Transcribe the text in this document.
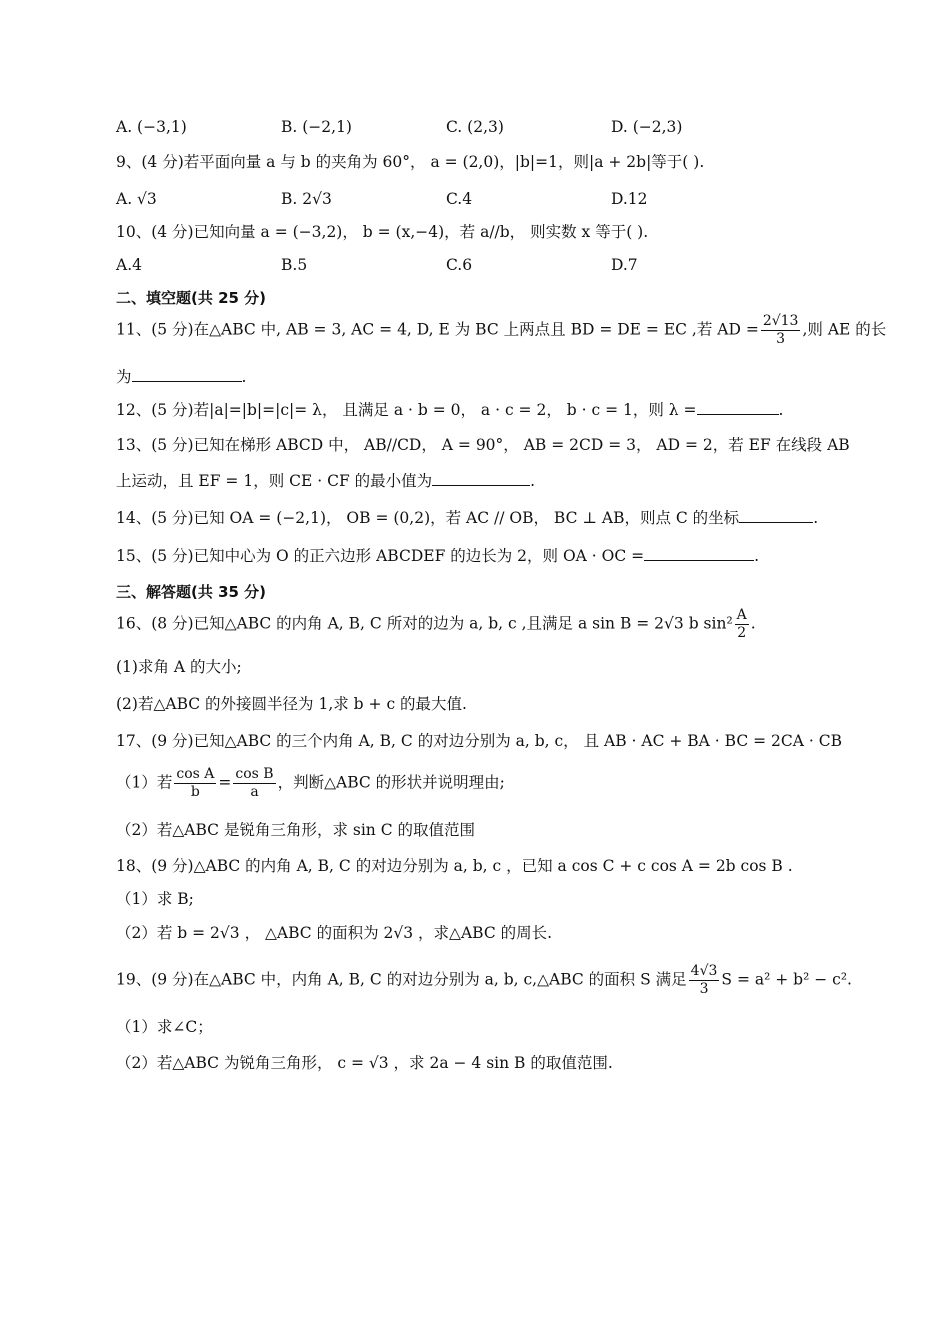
A. (−3,1)	B. (−2,1)	C. (2,3)	D. (−2,3)
9、(4 分)若平面向量 a 与 b 的夹角为 60°， a = (2,0)，|b|=1，则|a + 2b|等于( ).
A. √3	B. 2√3	C.4	D.12
10、(4 分)已知向量 a = (−3,2)， b = (x,−4)，若 a//b， 则实数 x 等于( ).
A.4	B.5	C.6	D.7
二、填空题(共 25 分)
11、(5 分)在△ABC 中, AB = 3, AC = 4, D, E 为 BC 上两点且 BD = DE = EC ,若 AD = $\frac{2√13}{3}$ ,则 AE 的长
为	.
12、(5 分)若|a|=|b|=|c|= λ， 且满足 a · b = 0， a · c = 2， b · c = 1，则 λ =	.
13、(5 分)已知在梯形 ABCD 中， AB//CD， A = 90°， AB = 2CD = 3， AD = 2，若 EF 在线段 AB
上运动，且 EF = 1，则 CE · CF 的最小值为	.
14、(5 分)已知 OA = (−2,1)， OB = (0,2)，若 AC // OB， BC ⊥ AB，则点 C 的坐标	.
15、(5 分)已知中心为 O 的正六边形 ABCDEF 的边长为 2，则 OA · OC =	.
三、解答题(共 35 分)
16、(8 分)已知△ABC 的内角 A, B, C 所对的边为 a, b, c ,且满足 a sin B = 2√3 b $\sin^2 \frac{A}{2}$ .
(1)求角 A 的大小;
(2)若△ABC 的外接圆半径为 1,求 b + c 的最大值.
17、(9 分)已知△ABC 的三个内角 A, B, C 的对边分别为 a, b, c， 且 AB · AC + BA · BC = 2CA · CB
（1）若 $\frac{\text{cos A}}{b} = \frac{\text{cos B}}{a}$ ，判断△ABC 的形状并说明理由;
（2）若△ABC 是锐角三角形，求 sin C 的取值范围
18、(9 分)△ABC 的内角 A, B, C 的对边分别为 a, b, c ，已知 a cos C + c cos A = 2b cos B .
（1）求 B;
（2）若 b = 2√3 ， △ABC 的面积为 2√3 ，求△ABC 的周长.
19、(9 分)在△ABC 中，内角 A, B, C 的对边分别为 a, b, c,△ABC 的面积 S 满足 $\frac{4√3}{3}$ S = a² + b² − c².
（1）求∠C；
（2）若△ABC 为锐角三角形， c = √3 ，求 2a − 4 sin B 的取值范围.
